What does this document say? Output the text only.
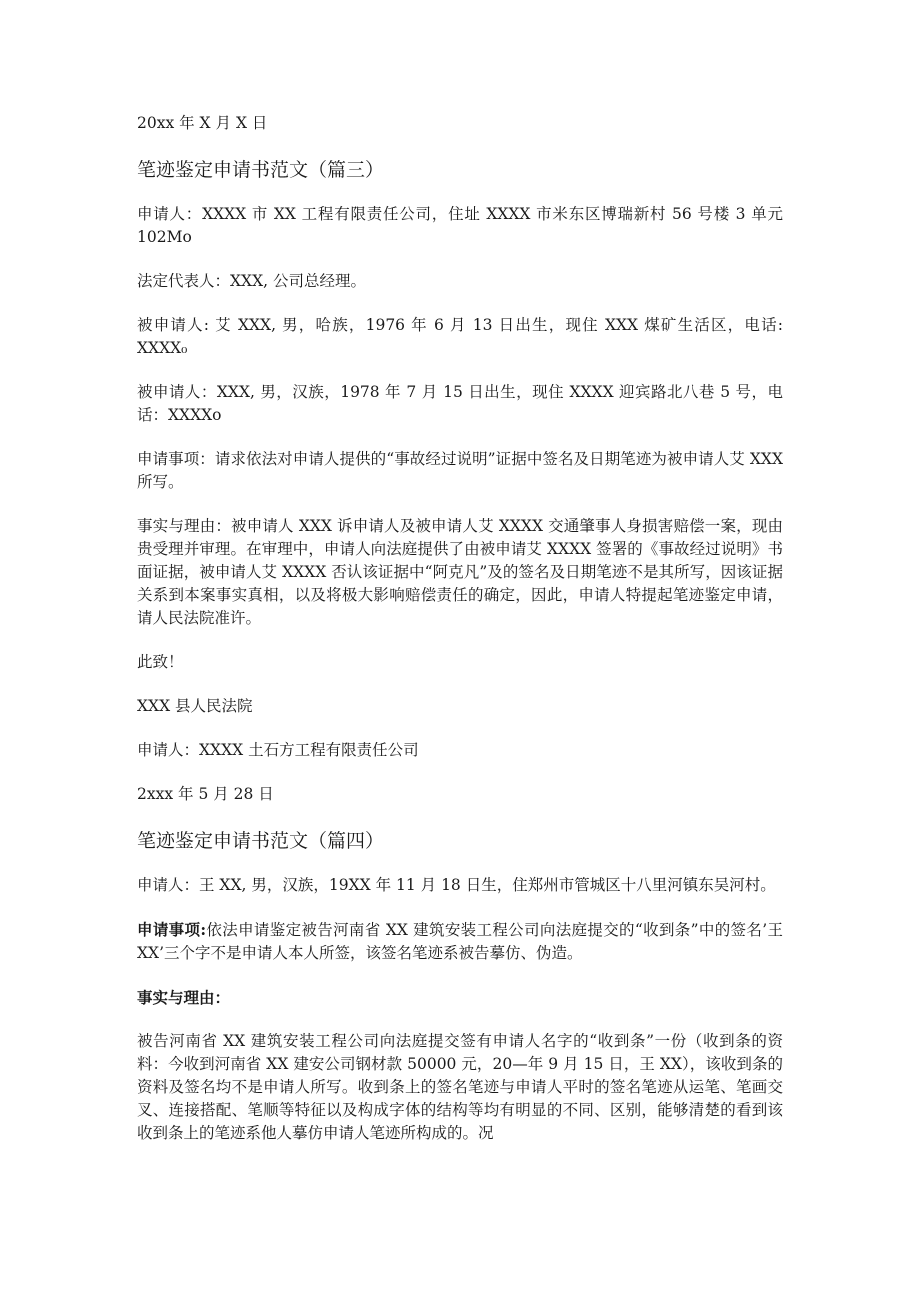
20xx 年 X 月 X 日

笔迹鉴定申请书范文（篇三）

申请人：XXXX 市 XX 工程有限责任公司，住址 XXXX 市米东区博瑞新村 56 号楼 3 单元 102Mo

法定代表人：XXX, 公司总经理。

被申请人: 艾 XXX, 男，哈族，1976 年 6 月 13 日出生，现住 XXX 煤矿生活区，电话: XXXX₀

被申请人：XXX, 男，汉族，1978 年 7 月 15 日出生，现住 XXXX 迎宾路北八巷 5 号，电话：XXXXo

申请事项：请求依法对申请人提供的“事故经过说明”证据中签名及日期笔迹为被申请人艾 XXX 所写。

事实与理由：被申请人 XXX 诉申请人及被申请人艾 XXXX 交通肇事人身损害赔偿一案，现由贵受理并审理。在审理中，申请人向法庭提供了由被申请艾 XXXX 签署的《事故经过说明》书面证据，被申请人艾 XXXX 否认该证据中“阿克凡”及的签名及日期笔迹不是其所写，因该证据关系到本案事实真相，以及将极大影响赔偿责任的确定，因此，申请人特提起笔迹鉴定申请，请人民法院准许。

此致！

XXX 县人民法院

申请人：XXXX 土石方工程有限责任公司

2xxx 年 5 月 28 日

笔迹鉴定申请书范文（篇四）

申请人：王 XX, 男，汉族，19XX 年 11 月 18 日生，住郑州市管城区十八里河镇东吴河村。

申请事项:依法申请鉴定被告河南省 XX 建筑安装工程公司向法庭提交的“收到条”中的签名’王 XX’三个字不是申请人本人所签，该签名笔迹系被告摹仿、伪造。

事实与理由：

被告河南省 XX 建筑安装工程公司向法庭提交签有申请人名字的“收到条”一份（收到条的资料：今收到河南省 XX 建安公司钢材款 50000 元，20—年 9 月 15 日，王 XX），该收到条的资料及签名均不是申请人所写。收到条上的签名笔迹与申请人平时的签名笔迹从运笔、笔画交叉、连接搭配、笔顺等特征以及构成字体的结构等均有明显的不同、区别，能够清楚的看到该收到条上的笔迹系他人摹仿申请人笔迹所构成的。况
